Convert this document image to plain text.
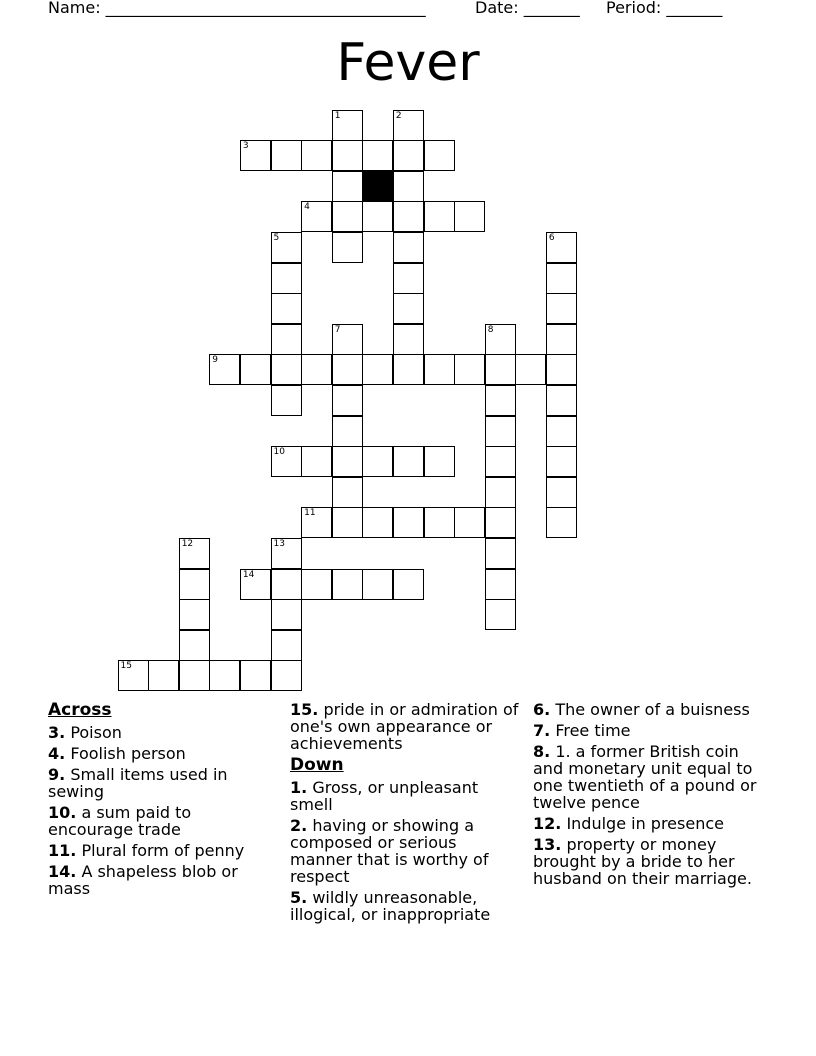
Name: ________________________________________	Date: _______ Period: _______
Fever
3
1	2
4
5	6
7	8
9
10
11
12	13
14
15
Across
3. Poison
4. Foolish person
9. Small items used in sewing
10. a sum paid to encourage trade
11. Plural form of penny
14. A shapeless blob or mass
15. pride in or admiration of one's own appearance or achievements
Down
1. Gross, or unpleasant smell
2. having or showing a composed or serious manner that is worthy of respect
5. wildly unreasonable, illogical, or inappropriate
6. The owner of a buisness
7. Free time
8. 1. a former British coin and monetary unit equal to one twentieth of a pound or twelve pence
12. Indulge in presence
13. property or money brought by a bride to her husband on their marriage.
